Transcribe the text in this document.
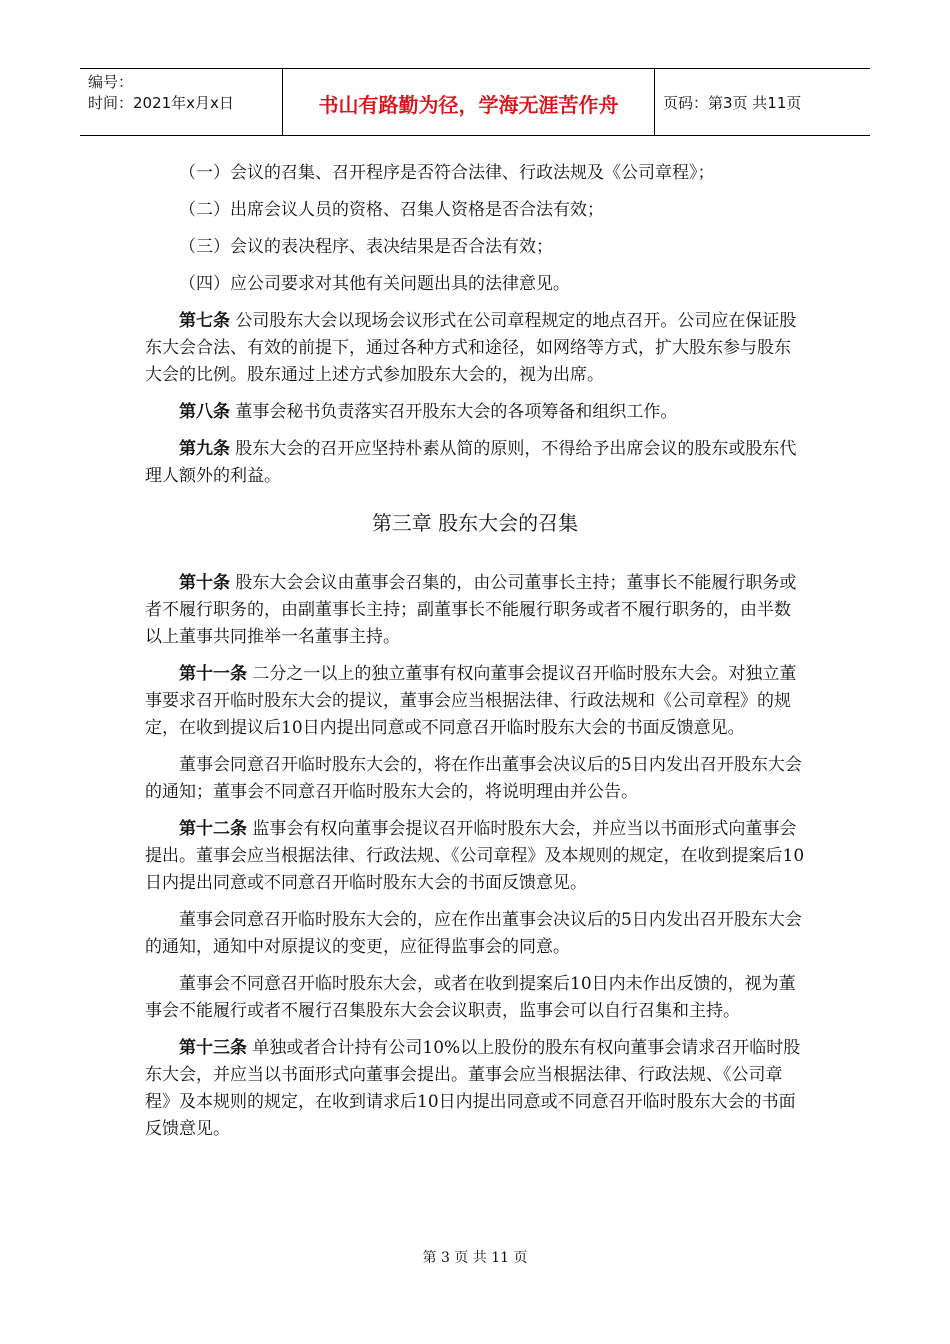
编号：
时间：2021年x月x日	书山有路勤为径，学海无涯苦作舟	页码：第3页 共11页

（一）会议的召集、召开程序是否符合法律、行政法规及《公司章程》；

（二）出席会议人员的资格、召集人资格是否合法有效；

（三）会议的表决程序、表决结果是否合法有效；

（四）应公司要求对其他有关问题出具的法律意见。

第七条 公司股东大会以现场会议形式在公司章程规定的地点召开。公司应在保证股东大会合法、有效的前提下，通过各种方式和途径，如网络等方式，扩大股东参与股东大会的比例。股东通过上述方式参加股东大会的，视为出席。

第八条 董事会秘书负责落实召开股东大会的各项筹备和组织工作。

第九条 股东大会的召开应坚持朴素从简的原则，不得给予出席会议的股东或股东代理人额外的利益。

第三章 股东大会的召集

第十条 股东大会会议由董事会召集的，由公司董事长主持；董事长不能履行职务或者不履行职务的，由副董事长主持；副董事长不能履行职务或者不履行职务的，由半数以上董事共同推举一名董事主持。

第十一条 二分之一以上的独立董事有权向董事会提议召开临时股东大会。对独立董事要求召开临时股东大会的提议，董事会应当根据法律、行政法规和《公司章程》的规定，在收到提议后10日内提出同意或不同意召开临时股东大会的书面反馈意见。

董事会同意召开临时股东大会的，将在作出董事会决议后的5日内发出召开股东大会的通知；董事会不同意召开临时股东大会的，将说明理由并公告。

第十二条 监事会有权向董事会提议召开临时股东大会，并应当以书面形式向董事会提出。董事会应当根据法律、行政法规、《公司章程》及本规则的规定，在收到提案后10日内提出同意或不同意召开临时股东大会的书面反馈意见。

董事会同意召开临时股东大会的，应在作出董事会决议后的5日内发出召开股东大会的通知，通知中对原提议的变更，应征得监事会的同意。

董事会不同意召开临时股东大会，或者在收到提案后10日内未作出反馈的，视为董事会不能履行或者不履行召集股东大会会议职责，监事会可以自行召集和主持。

第十三条 单独或者合计持有公司10%以上股份的股东有权向董事会请求召开临时股东大会，并应当以书面形式向董事会提出。董事会应当根据法律、行政法规、《公司章程》及本规则的规定，在收到请求后10日内提出同意或不同意召开临时股东大会的书面反馈意见。

第 3 页 共 11 页
